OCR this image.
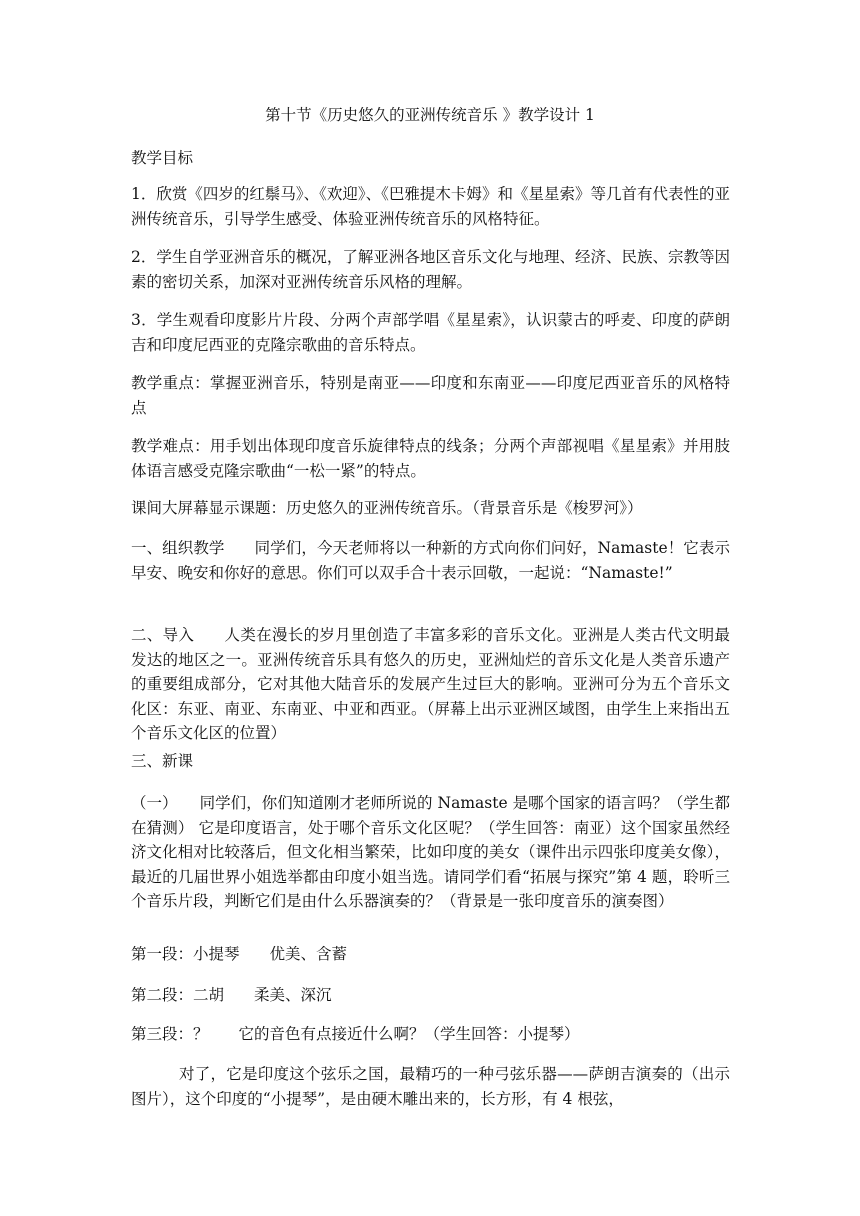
第十节《历史悠久的亚洲传统音乐 》教学设计 1
教学目标
1．欣赏《四岁的红鬃马》、《欢迎》、《巴雅提木卡姆》和《星星索》等几首有代表性的亚洲传统音乐，引导学生感受、体验亚洲传统音乐的风格特征。
2．学生自学亚洲音乐的概况，了解亚洲各地区音乐文化与地理、经济、民族、宗教等因素的密切关系，加深对亚洲传统音乐风格的理解。
3．学生观看印度影片片段、分两个声部学唱《星星索》，认识蒙古的呼麦、印度的萨朗吉和印度尼西亚的克隆宗歌曲的音乐特点。
教学重点：掌握亚洲音乐，特别是南亚——印度和东南亚——印度尼西亚音乐的风格特点
教学难点：用手划出体现印度音乐旋律特点的线条；分两个声部视唱《星星索》并用肢体语言感受克隆宗歌曲“一松一紧”的特点。
课间大屏幕显示课题：历史悠久的亚洲传统音乐。（背景音乐是《梭罗河》）
一、组织教学 同学们，今天老师将以一种新的方式向你们问好，Namaste！它表示早安、晚安和你好的意思。你们可以双手合十表示回敬，一起说：“Namaste!”
二、导入 人类在漫长的岁月里创造了丰富多彩的音乐文化。亚洲是人类古代文明最发达的地区之一。亚洲传统音乐具有悠久的历史，亚洲灿烂的音乐文化是人类音乐遗产的重要组成部分，它对其他大陆音乐的发展产生过巨大的影响。亚洲可分为五个音乐文化区：东亚、南亚、东南亚、中亚和西亚。（屏幕上出示亚洲区域图，由学生上来指出五个音乐文化区的位置）
三、新课
（一） 同学们，你们知道刚才老师所说的 Namaste 是哪个国家的语言吗？（学生都在猜测） 它是印度语言，处于哪个音乐文化区呢？（学生回答：南亚）这个国家虽然经济文化相对比较落后，但文化相当繁荣，比如印度的美女（课件出示四张印度美女像），最近的几届世界小姐选举都由印度小姐当选。请同学们看“拓展与探究”第 4 题，聆听三个音乐片段，判断它们是由什么乐器演奏的？（背景是一张印度音乐的演奏图）
第一段：小提琴 优美、含蓄
第二段：二胡 柔美、深沉
第三段：？ 它的音色有点接近什么啊？（学生回答：小提琴）
对了，它是印度这个弦乐之国，最精巧的一种弓弦乐器——萨朗吉演奏的（出示图片），这个印度的“小提琴”，是由硬木雕出来的，长方形，有 4 根弦，
